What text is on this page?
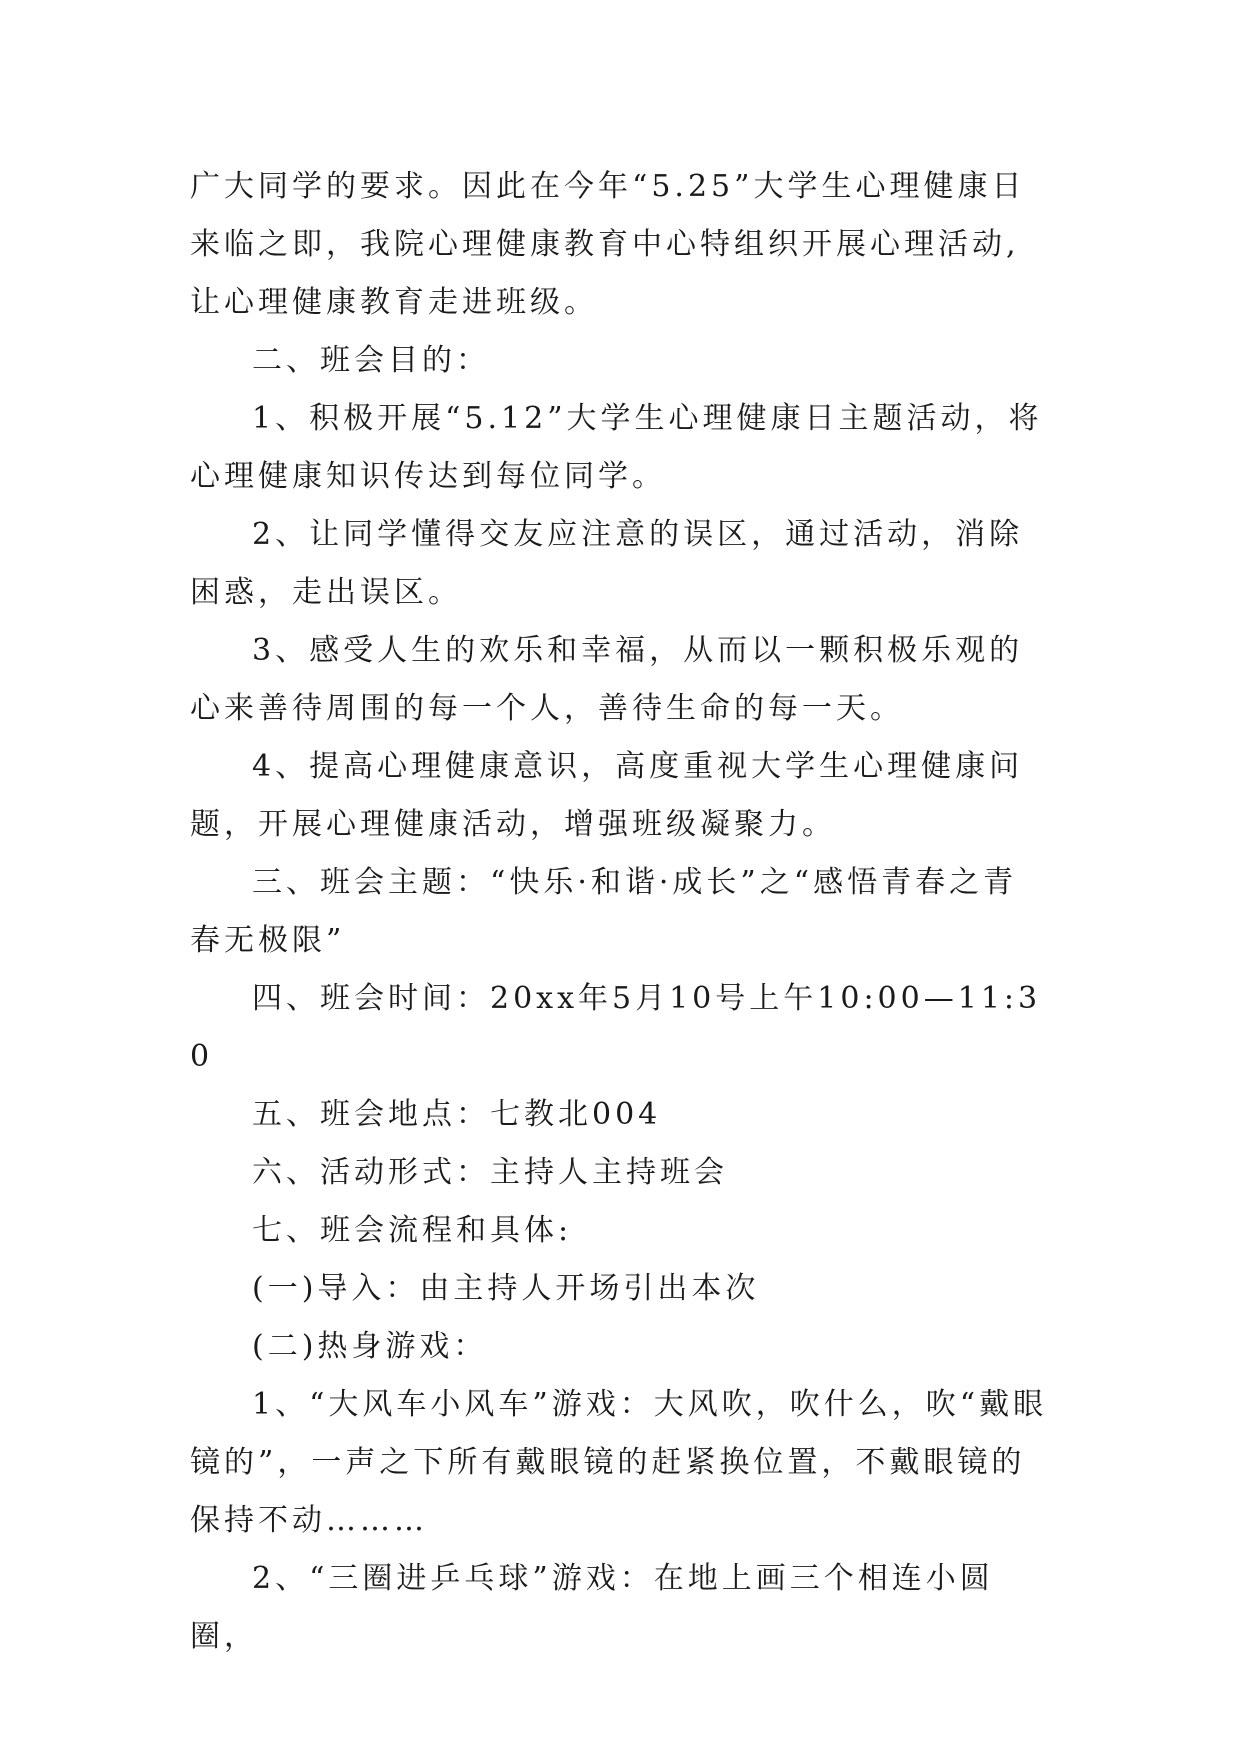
广大同学的要求。因此在今年“5.25”大学生心理健康日来临之即，我院心理健康教育中心特组织开展心理活动,让心理健康教育走进班级。

二、班会目的：

1、积极开展“5.12”大学生心理健康日主题活动，将心理健康知识传达到每位同学。

2、让同学懂得交友应注意的误区，通过活动，消除困惑，走出误区。

3、感受人生的欢乐和幸福，从而以一颗积极乐观的心来善待周围的每一个人，善待生命的每一天。

4、提高心理健康意识，高度重视大学生心理健康问题，开展心理健康活动，增强班级凝聚力。

三、班会主题：“快乐·和谐·成长”之“感悟青春之青春无极限”

四、班会时间：20xx年5月10号上午10:00—11:30

五、班会地点：七教北004

六、活动形式：主持人主持班会

七、班会流程和具体:

(一)导入：由主持人开场引出本次

(二)热身游戏：

1、“大风车小风车”游戏：大风吹，吹什么，吹“戴眼镜的”，一声之下所有戴眼镜的赶紧换位置，不戴眼镜的保持不动………

2、“三圈进乒乓球”游戏：在地上画三个相连小圆圈，
